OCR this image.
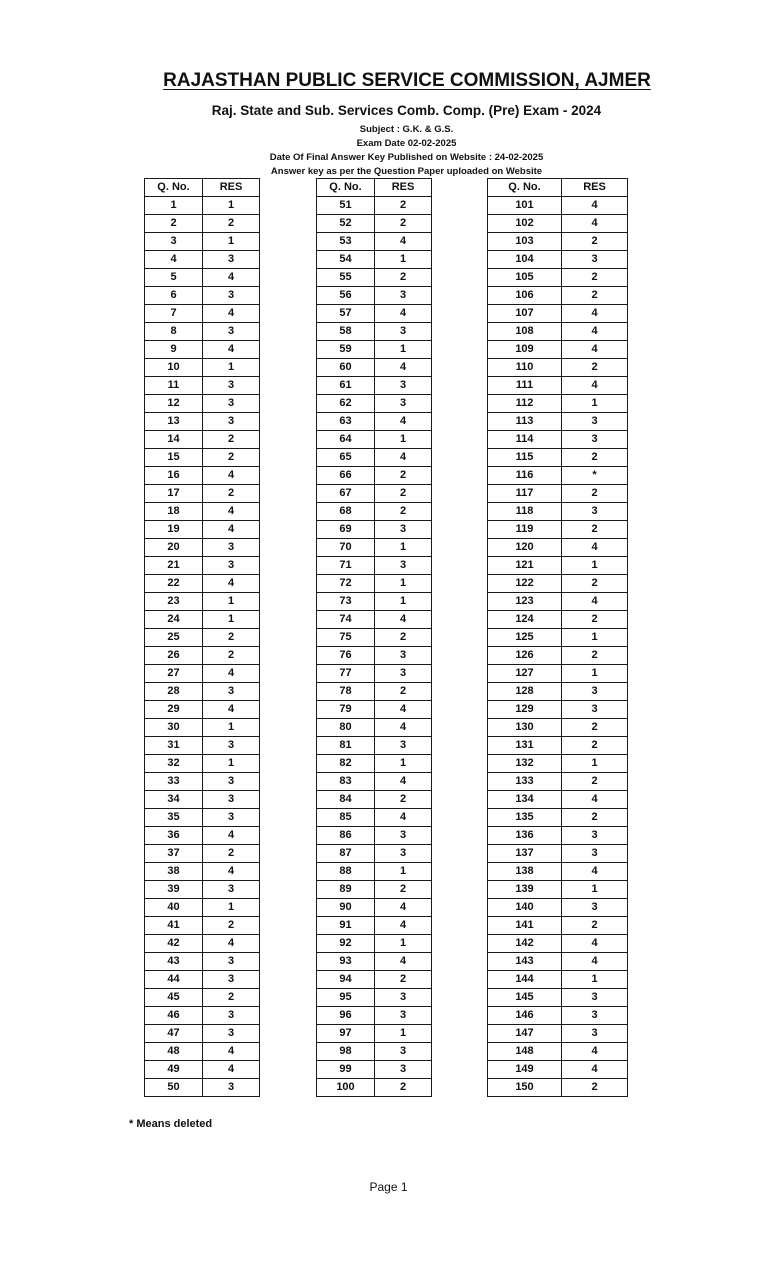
RAJASTHAN PUBLIC SERVICE COMMISSION, AJMER
Raj. State and Sub. Services Comb. Comp. (Pre) Exam - 2024
Subject : G.K. & G.S.
Exam Date 02-02-2025
Date Of Final Answer Key Published on Website : 24-02-2025
Answer key as per the Question Paper uploaded on Website
Q. No.	RES
1	1
2	2
3	1
4	3
5	4
6	3
7	4
8	3
9	4
10	1
11	3
12	3
13	3
14	2
15	2
16	4
17	2
18	4
19	4
20	3
21	3
22	4
23	1
24	1
25	2
26	2
27	4
28	3
29	4
30	1
31	3
32	1
33	3
34	3
35	3
36	4
37	2
38	4
39	3
40	1
41	2
42	4
43	3
44	3
45	2
46	3
47	3
48	4
49	4
50	3
Q. No.	RES
51	2
52	2
53	4
54	1
55	2
56	3
57	4
58	3
59	1
60	4
61	3
62	3
63	4
64	1
65	4
66	2
67	2
68	2
69	3
70	1
71	3
72	1
73	1
74	4
75	2
76	3
77	3
78	2
79	4
80	4
81	3
82	1
83	4
84	2
85	4
86	3
87	3
88	1
89	2
90	4
91	4
92	1
93	4
94	2
95	3
96	3
97	1
98	3
99	3
100	2
Q. No.	RES
101	4
102	4
103	2
104	3
105	2
106	2
107	4
108	4
109	4
110	2
111	4
112	1
113	3
114	3
115	2
116	*
117	2
118	3
119	2
120	4
121	1
122	2
123	4
124	2
125	1
126	2
127	1
128	3
129	3
130	2
131	2
132	1
133	2
134	4
135	2
136	3
137	3
138	4
139	1
140	3
141	2
142	4
143	4
144	1
145	3
146	3
147	3
148	4
149	4
150	2
* Means deleted
Page 1
